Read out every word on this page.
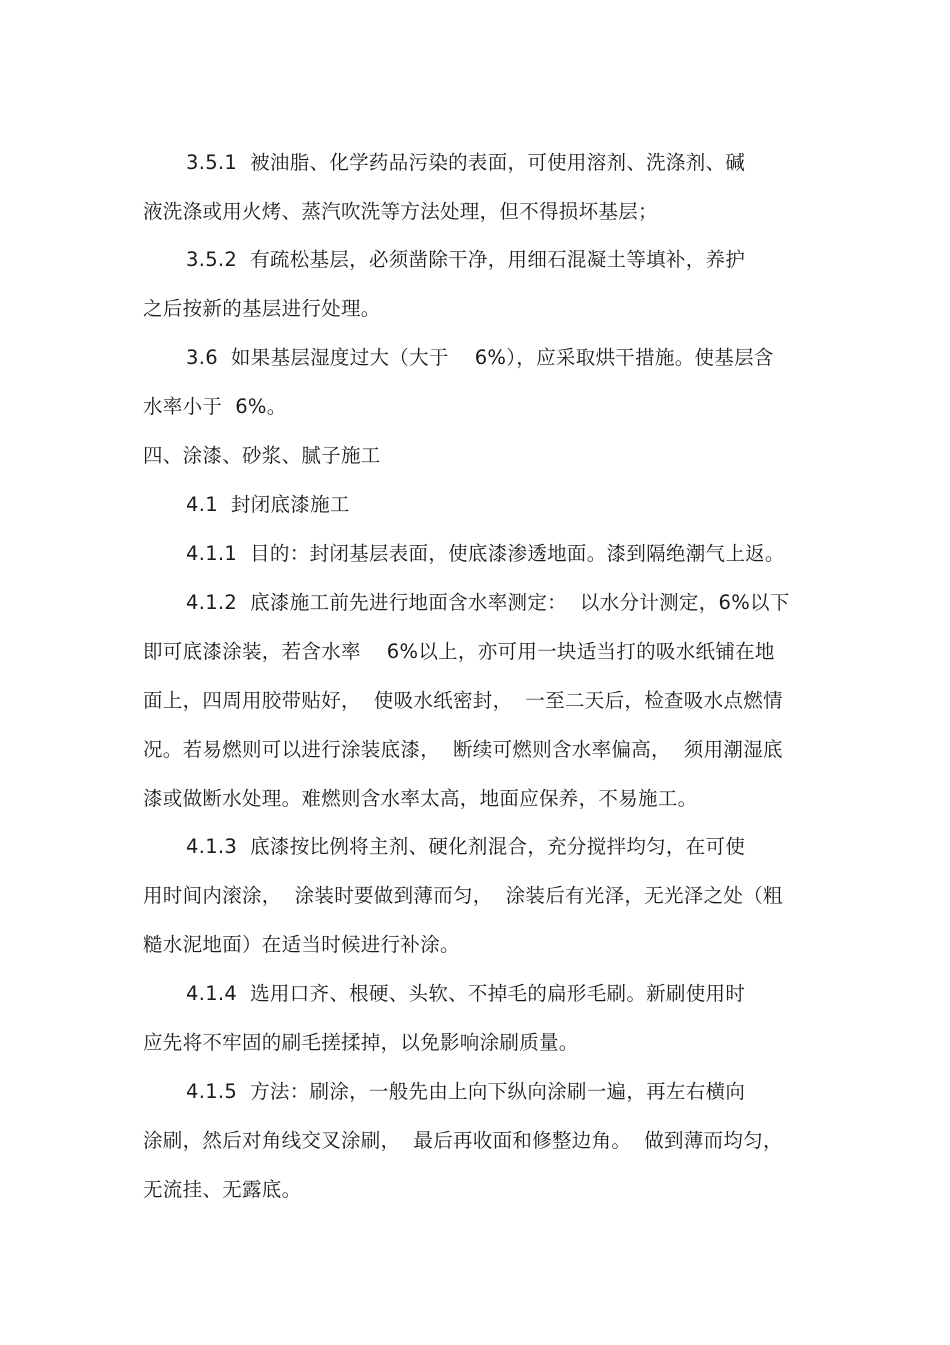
3.5.1  被油脂、化学药品污染的表面，可使用溶剂、洗涤剂、碱
液洗涤或用火烤、蒸汽吹洗等方法处理，但不得损坏基层；
3.5.2  有疏松基层，必须凿除干净，用细石混凝土等填补，养护
之后按新的基层进行处理。
3.6  如果基层湿度过大（大于    6%），应采取烘干措施。使基层含
水率小于  6%。
四、涂漆、砂浆、腻子施工
4.1  封闭底漆施工
4.1.1  目的：封闭基层表面，使底漆渗透地面。漆到隔绝潮气上返。
4.1.2  底漆施工前先进行地面含水率测定：  以水分计测定，6%以下
即可底漆涂装，若含水率    6%以上，亦可用一块适当打的吸水纸铺在地
面上，四周用胶带贴好，  使吸水纸密封，  一至二天后，检查吸水点燃情
况。若易燃则可以进行涂装底漆，  断续可燃则含水率偏高，  须用潮湿底
漆或做断水处理。难燃则含水率太高，地面应保养，不易施工。
4.1.3  底漆按比例将主剂、硬化剂混合，充分搅拌均匀，在可使
用时间内滚涂，  涂装时要做到薄而匀，  涂装后有光泽，无光泽之处（粗
糙水泥地面）在适当时候进行补涂。
4.1.4  选用口齐、根硬、头软、不掉毛的扁形毛刷。新刷使用时
应先将不牢固的刷毛搓揉掉，以免影响涂刷质量。
4.1.5  方法：刷涂，一般先由上向下纵向涂刷一遍，再左右横向
涂刷，然后对角线交叉涂刷，  最后再收面和修整边角。  做到薄而均匀，
无流挂、无露底。
